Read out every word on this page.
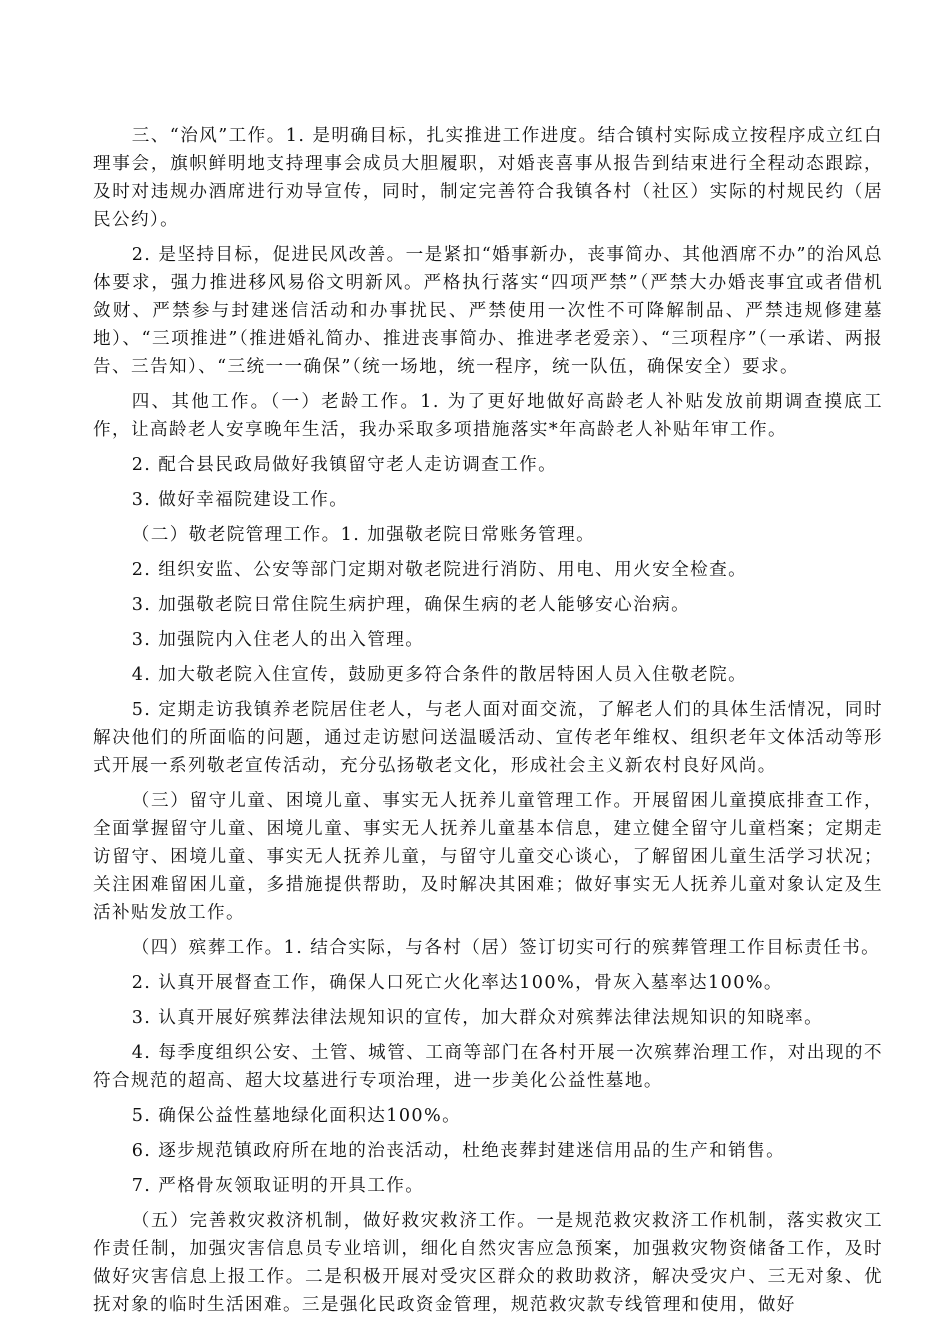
三、“治风”工作。1. 是明确目标，扎实推进工作进度。结合镇村实际成立按程序成立红白理事会，旗帜鲜明地支持理事会成员大胆履职，对婚丧喜事从报告到结束进行全程动态跟踪，及时对违规办酒席进行劝导宣传，同时，制定完善符合我镇各村（社区）实际的村规民约（居民公约）。

2. 是坚持目标，促进民风改善。一是紧扣“婚事新办，丧事简办、其他酒席不办”的治风总体要求，强力推进移风易俗文明新风。严格执行落实“四项严禁”（严禁大办婚丧事宜或者借机敛财、严禁参与封建迷信活动和办事扰民、严禁使用一次性不可降解制品、严禁违规修建墓地）、“三项推进”（推进婚礼简办、推进丧事简办、推进孝老爱亲）、“三项程序”（一承诺、两报告、三告知）、“三统一一确保”（统一场地，统一程序，统一队伍，确保安全）要求。

四、其他工作。（一）老龄工作。1. 为了更好地做好高龄老人补贴发放前期调查摸底工作，让高龄老人安享晚年生活，我办采取多项措施落实*年高龄老人补贴年审工作。

2. 配合县民政局做好我镇留守老人走访调查工作。

3. 做好幸福院建设工作。

（二）敬老院管理工作。1. 加强敬老院日常账务管理。

2. 组织安监、公安等部门定期对敬老院进行消防、用电、用火安全检查。

3. 加强敬老院日常住院生病护理，确保生病的老人能够安心治病。

3. 加强院内入住老人的出入管理。

4. 加大敬老院入住宣传，鼓励更多符合条件的散居特困人员入住敬老院。

5. 定期走访我镇养老院居住老人，与老人面对面交流，了解老人们的具体生活情况，同时解决他们的所面临的问题，通过走访慰问送温暖活动、宣传老年维权、组织老年文体活动等形式开展一系列敬老宣传活动，充分弘扬敬老文化，形成社会主义新农村良好风尚。

（三）留守儿童、困境儿童、事实无人抚养儿童管理工作。开展留困儿童摸底排查工作，全面掌握留守儿童、困境儿童、事实无人抚养儿童基本信息，建立健全留守儿童档案；定期走访留守、困境儿童、事实无人抚养儿童，与留守儿童交心谈心，了解留困儿童生活学习状况；关注困难留困儿童，多措施提供帮助，及时解决其困难；做好事实无人抚养儿童对象认定及生活补贴发放工作。

（四）殡葬工作。1. 结合实际，与各村（居）签订切实可行的殡葬管理工作目标责任书。

2. 认真开展督查工作，确保人口死亡火化率达100%，骨灰入墓率达100%。

3. 认真开展好殡葬法律法规知识的宣传，加大群众对殡葬法律法规知识的知晓率。

4. 每季度组织公安、土管、城管、工商等部门在各村开展一次殡葬治理工作，对出现的不符合规范的超高、超大坟墓进行专项治理，进一步美化公益性墓地。

5. 确保公益性墓地绿化面积达100%。

6. 逐步规范镇政府所在地的治丧活动，杜绝丧葬封建迷信用品的生产和销售。

7. 严格骨灰领取证明的开具工作。

（五）完善救灾救济机制，做好救灾救济工作。一是规范救灾救济工作机制，落实救灾工作责任制，加强灾害信息员专业培训，细化自然灾害应急预案，加强救灾物资储备工作，及时做好灾害信息上报工作。二是积极开展对受灾区群众的救助救济，解决受灾户、三无对象、优抚对象的临时生活困难。三是强化民政资金管理，规范救灾款专线管理和使用，做好
